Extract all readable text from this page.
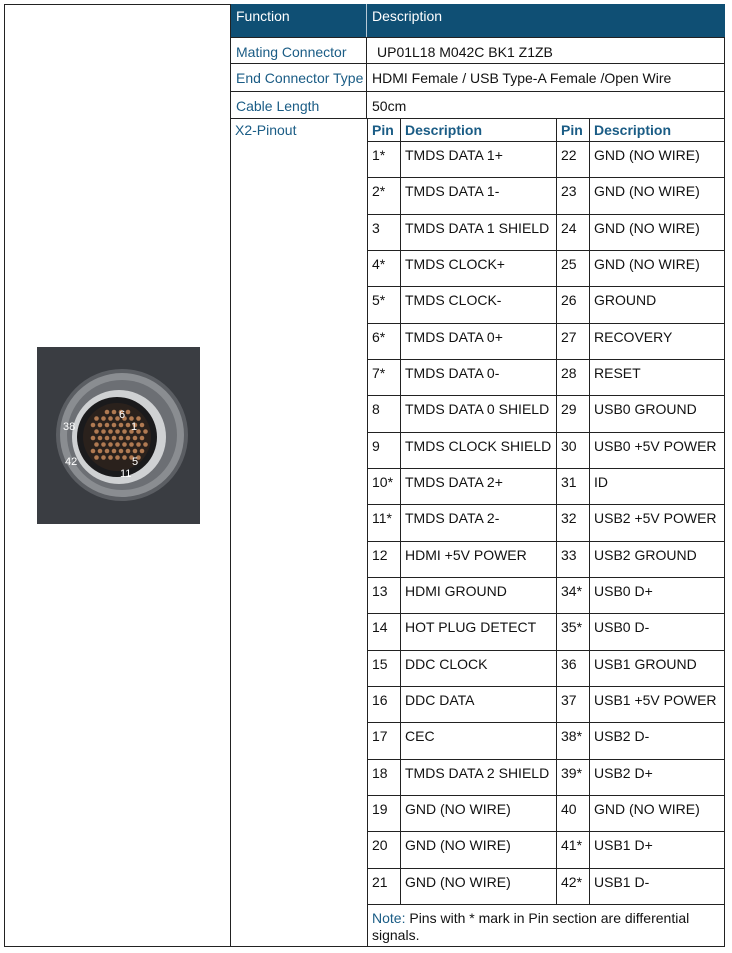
6
38	1
42	5
11
Function	Description
Mating Connector UP01L18 M042C BK1 Z1ZB
End Connector Type HDMI Female / USB Type-A Female /Open Wire
Cable Length	50cm
X2-Pinout	Pin Description	Pin Description
1* TMDS DATA 1+	22 GND (NO WIRE)
2* TMDS DATA 1-	23 GND (NO WIRE)
3 TMDS DATA 1 SHIELD 24 GND (NO WIRE)
4* TMDS CLOCK+	25 GND (NO WIRE)
5* TMDS CLOCK-	26 GROUND
6* TMDS DATA 0+	27 RECOVERY
7* TMDS DATA 0-	28 RESET
8 TMDS DATA 0 SHIELD 29 USB0 GROUND
9 TMDS CLOCK SHIELD 30 USB0 +5V POWER
10* TMDS DATA 2+	31 ID
11* TMDS DATA 2-	32 USB2 +5V POWER
12 HDMI +5V POWER 33 USB2 GROUND
13 HDMI GROUND	34* USB0 D+
14 HOT PLUG DETECT 35* USB0 D-
15 DDC CLOCK	36 USB1 GROUND
16 DDC DATA	37 USB1 +5V POWER
17 CEC	38* USB2 D-
18 TMDS DATA 2 SHIELD 39* USB2 D+
19 GND (NO WIRE)	40 GND (NO WIRE)
20 GND (NO WIRE)	41* USB1 D+
21 GND (NO WIRE)	42* USB1 D-
Note: Pins with * mark in Pin section are differential signals.
